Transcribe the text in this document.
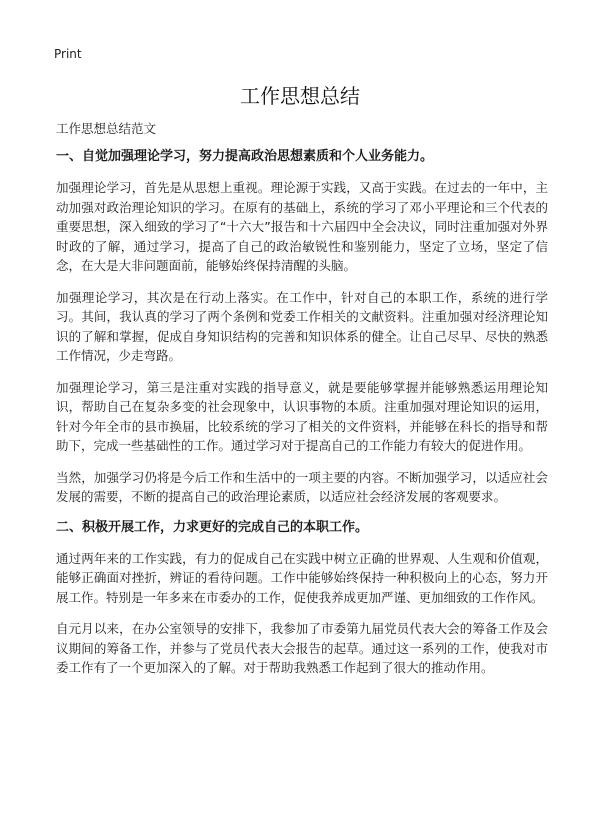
Print
工作思想总结

工作思想总结范文

一、自觉加强理论学习，努力提高政治思想素质和个人业务能力。

加强理论学习，首先是从思想上重视。理论源于实践，又高于实践。在过去的一年中，主动加强对政治理论知识的学习。在原有的基础上，系统的学习了邓小平理论和三个代表的重要思想，深入细致的学习了“十六大”报告和十六届四中全会决议，同时注重加强对外界时政的了解，通过学习，提高了自己的政治敏锐性和鉴别能力，坚定了立场，坚定了信念，在大是大非问题面前，能够始终保持清醒的头脑。

加强理论学习，其次是在行动上落实。在工作中，针对自己的本职工作，系统的进行学习。其间，我认真的学习了两个条例和党委工作相关的文献资料。注重加强对经济理论知识的了解和掌握，促成自身知识结构的完善和知识体系的健全。让自己尽早、尽快的熟悉工作情况，少走弯路。

加强理论学习，第三是注重对实践的指导意义，就是要能够掌握并能够熟悉运用理论知识，帮助自己在复杂多变的社会现象中，认识事物的本质。注重加强对理论知识的运用，针对今年全市的县市换届，比较系统的学习了相关的文件资料，并能够在科长的指导和帮助下，完成一些基础性的工作。通过学习对于提高自己的工作能力有较大的促进作用。

当然，加强学习仍将是今后工作和生活中的一项主要的内容。不断加强学习，以适应社会发展的需要，不断的提高自己的政治理论素质，以适应社会经济发展的客观要求。

二、积极开展工作，力求更好的完成自己的本职工作。

通过两年来的工作实践，有力的促成自己在实践中树立正确的世界观、人生观和价值观，能够正确面对挫折，辨证的看待问题。工作中能够始终保持一种积极向上的心态，努力开展工作。特别是一年多来在市委办的工作，促使我养成更加严谨、更加细致的工作作风。

自元月以来，在办公室领导的安排下，我参加了市委第九届党员代表大会的筹备工作及会议期间的筹备工作，并参与了党员代表大会报告的起草。通过这一系列的工作，使我对市委工作有了一个更加深入的了解。对于帮助我熟悉工作起到了很大的推动作用。
